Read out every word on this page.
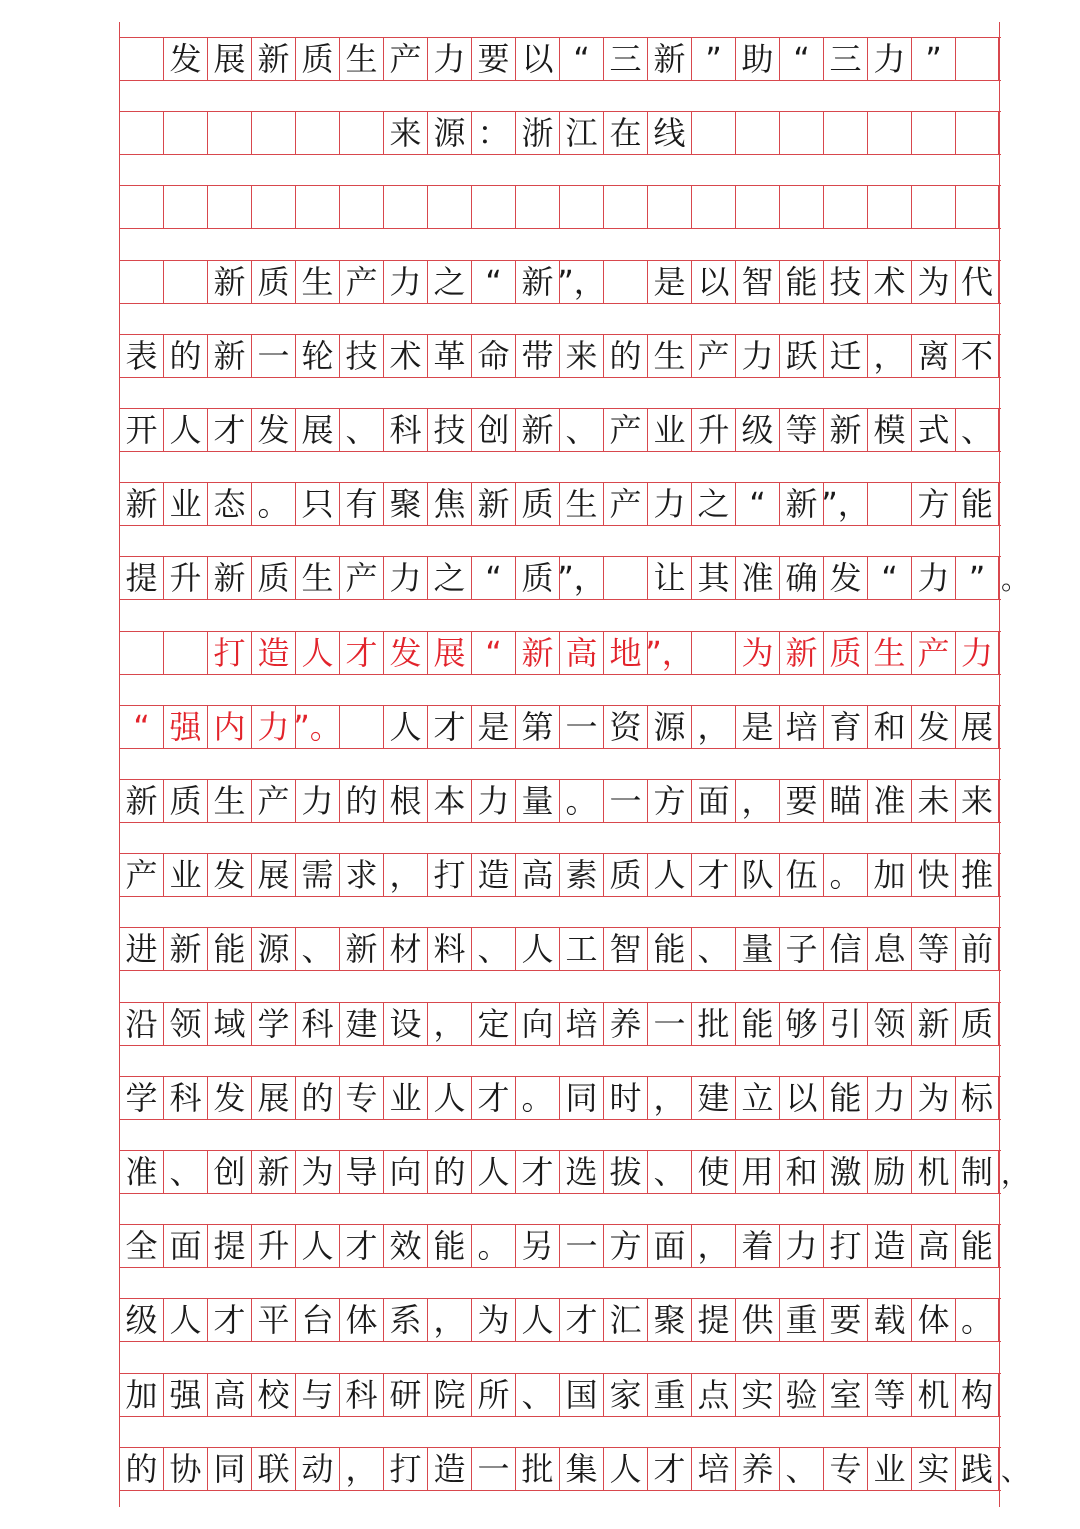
发 展 新 质 生 产 力 要 以 “ 三 新 ” 助 “ 三 力 ”
来 源 ： 浙 江 在 线
新 质 生 产 力 之 “ 新 ”， 是 以 智 能 技 术 为 代
表 的 新 一 轮 技 术 革 命 带 来 的 生 产 力 跃 迁 ， 离 不
开 人 才 发 展 、 科 技 创 新 、 产 业 升 级 等 新 模 式 、
新 业 态 。 只 有 聚 焦 新 质 生 产 力 之 “ 新 ”， 方 能
提 升 新 质 生 产 力 之 “ 质 ”， 让 其 准 确 发 “ 力 ” 。
打 造 人 才 发 展 “ 新 高 地 ”， 为 新 质 生 产 力
“ 强 内 力 ”。 人 才 是 第 一 资 源 ， 是 培 育 和 发 展
新 质 生 产 力 的 根 本 力 量 。 一 方 面 ， 要 瞄 准 未 来
产 业 发 展 需 求 ， 打 造 高 素 质 人 才 队 伍 。 加 快 推
进 新 能 源 、 新 材 料 、 人 工 智 能 、 量 子 信 息 等 前
沿 领 域 学 科 建 设 ， 定 向 培 养 一 批 能 够 引 领 新 质
学 科 发 展 的 专 业 人 才 。 同 时 ， 建 立 以 能 力 为 标
准 、 创 新 为 导 向 的 人 才 选 拔 、 使 用 和 激 励 机 制 ，
全 面 提 升 人 才 效 能 。 另 一 方 面 ， 着 力 打 造 高 能
级 人 才 平 台 体 系 ， 为 人 才 汇 聚 提 供 重 要 载 体 。
加 强 高 校 与 科 研 院 所 、 国 家 重 点 实 验 室 等 机 构
的 协 同 联 动 ， 打 造 一 批 集 人 才 培 养 、 专 业 实 践 、
